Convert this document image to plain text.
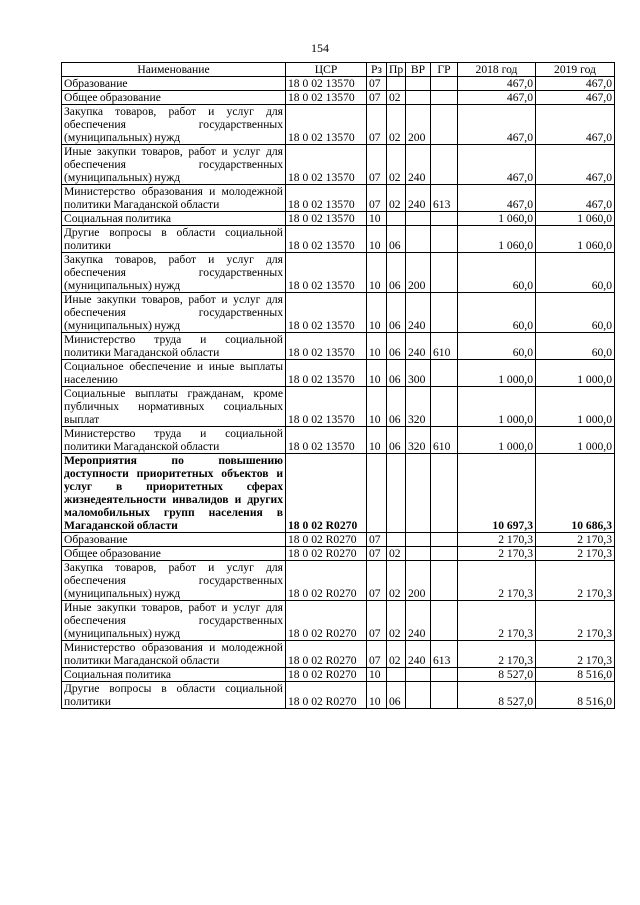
154
Наименование	ЦСР	Рз	Пр	ВР	ГР	2018 год	2019 год
Образование	18 0 02 13570	07				467,0	467,0
Общее образование	18 0 02 13570	07	02			467,0	467,0
Закупка товаров, работ и услуг для обеспечения государственных (муниципальных) нужд	18 0 02 13570	07	02	200		467,0	467,0
Иные закупки товаров, работ и услуг для обеспечения государственных (муниципальных) нужд	18 0 02 13570	07	02	240		467,0	467,0
Министерство образования и молодежной политики Магаданской области	18 0 02 13570	07	02	240	613	467,0	467,0
Социальная политика	18 0 02 13570	10				1 060,0	1 060,0
Другие вопросы в области социальной политики	18 0 02 13570	10	06			1 060,0	1 060,0
Закупка товаров, работ и услуг для обеспечения государственных (муниципальных) нужд	18 0 02 13570	10	06	200		60,0	60,0
Иные закупки товаров, работ и услуг для обеспечения государственных (муниципальных) нужд	18 0 02 13570	10	06	240		60,0	60,0
Министерство труда и социальной политики Магаданской области	18 0 02 13570	10	06	240	610	60,0	60,0
Социальное обеспечение и иные выплаты населению	18 0 02 13570	10	06	300		1 000,0	1 000,0
Социальные выплаты гражданам, кроме публичных нормативных социальных выплат	18 0 02 13570	10	06	320		1 000,0	1 000,0
Министерство труда и социальной политики Магаданской области	18 0 02 13570	10	06	320	610	1 000,0	1 000,0
Мероприятия по повышению доступности приоритетных объектов и услуг в приоритетных сферах жизнедеятельности инвалидов и других маломобильных групп населения в Магаданской области	18 0 02 R0270					10 697,3	10 686,3
Образование	18 0 02 R0270	07				2 170,3	2 170,3
Общее образование	18 0 02 R0270	07	02			2 170,3	2 170,3
Закупка товаров, работ и услуг для обеспечения государственных (муниципальных) нужд	18 0 02 R0270	07	02	200		2 170,3	2 170,3
Иные закупки товаров, работ и услуг для обеспечения государственных (муниципальных) нужд	18 0 02 R0270	07	02	240		2 170,3	2 170,3
Министерство образования и молодежной политики Магаданской области	18 0 02 R0270	07	02	240	613	2 170,3	2 170,3
Социальная политика	18 0 02 R0270	10				8 527,0	8 516,0
Другие вопросы в области социальной политики	18 0 02 R0270	10	06			8 527,0	8 516,0
